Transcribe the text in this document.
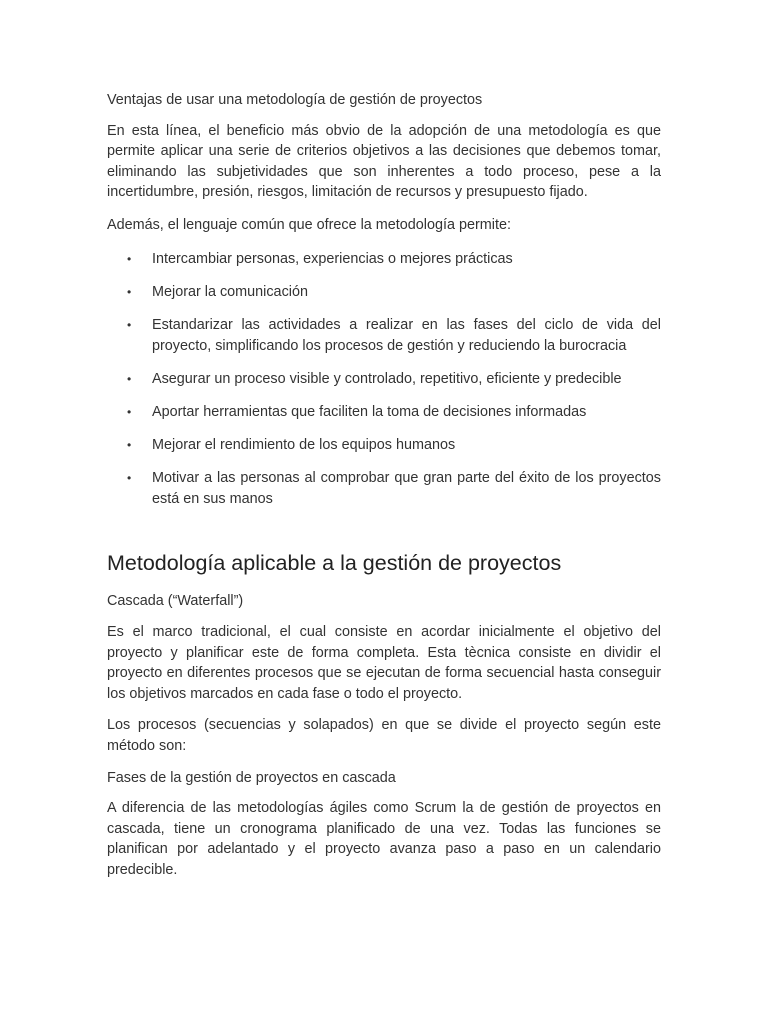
Ventajas de usar una metodología de gestión de proyectos

En esta línea, el beneficio más obvio de la adopción de una metodología es que permite aplicar una serie de criterios objetivos a las decisiones que debemos tomar, eliminando las subjetividades que son inherentes a todo proceso, pese a la incertidumbre, presión, riesgos, limitación de recursos y presupuesto fijado.

Además, el lenguaje común que ofrece la metodología permite:

• Intercambiar personas, experiencias o mejores prácticas
• Mejorar la comunicación
• Estandarizar las actividades a realizar en las fases del ciclo de vida del proyecto, simplificando los procesos de gestión y reduciendo la burocracia
• Asegurar un proceso visible y controlado, repetitivo, eficiente y predecible
• Aportar herramientas que faciliten la toma de decisiones informadas
• Mejorar el rendimiento de los equipos humanos
• Motivar a las personas al comprobar que gran parte del éxito de los proyectos está en sus manos
Metodología aplicable a la gestión de proyectos

Cascada (“Waterfall”)

Es el marco tradicional, el cual consiste en acordar inicialmente el objetivo del proyecto y planificar este de forma completa. Esta tècnica consiste en dividir el proyecto en diferentes procesos que se ejecutan de forma secuencial hasta conseguir los objetivos marcados en cada fase o todo el proyecto.

Los procesos (secuencias y solapados) en que se divide el proyecto según este método son:

Fases de la gestión de proyectos en cascada

A diferencia de las metodologías ágiles como Scrum la de gestión de proyectos en cascada, tiene un cronograma planificado de una vez. Todas las funciones se planifican por adelantado y el proyecto avanza paso a paso en un calendario predecible.
